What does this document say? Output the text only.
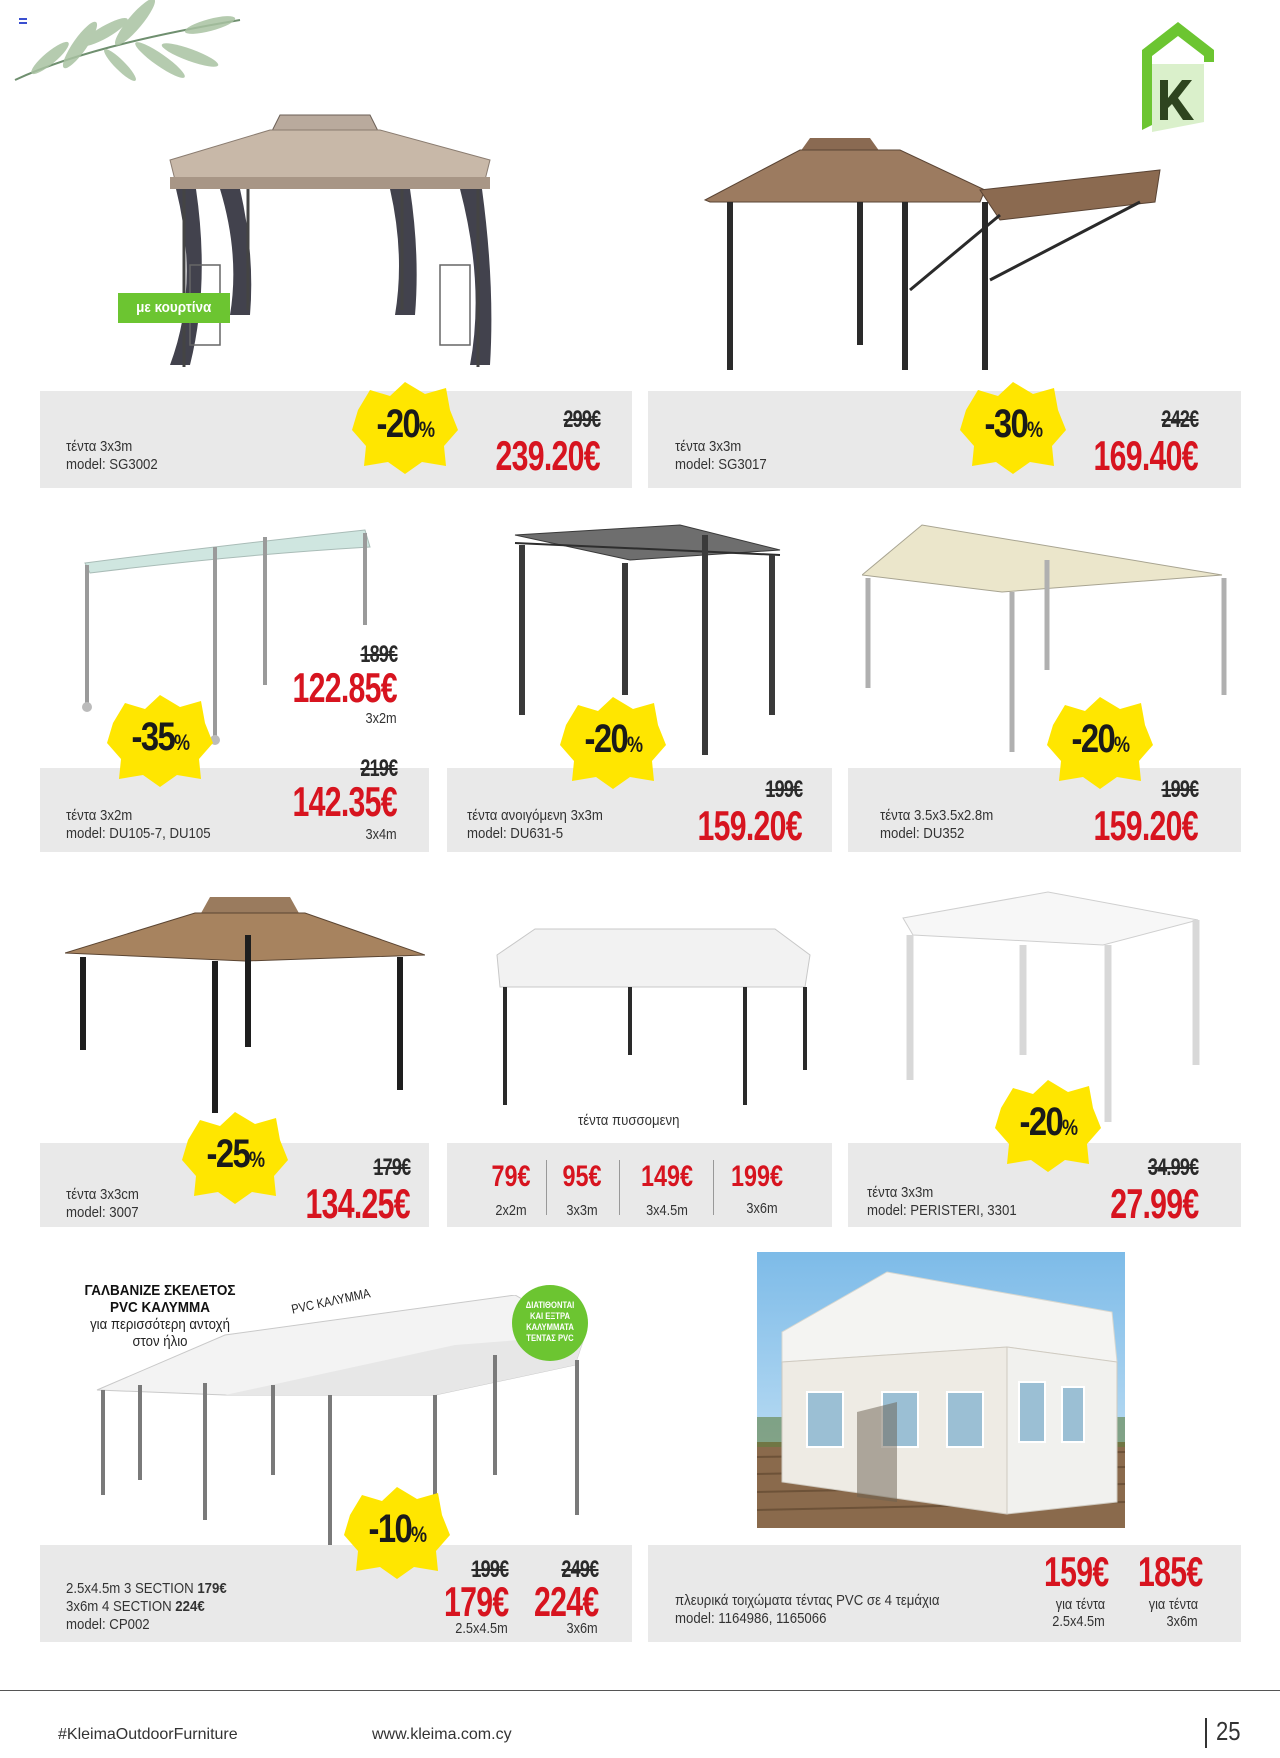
με κουρτίνα
τέντα 3x3m
model: SG3002
-20%	299€
239.20€	τέντα 3x3m
model: SG3017
-30%	242€
169.40€
189€
122.85€
3x2m
-35%
219€
142.35€
3x4m
τέντα 3x2m
model: DU105-7, DU105
-20%
τέντα ανοιγόμενη 3x3m
model: DU631-5
199€
159.20€
-20%
τέντα 3.5x3.5x2.8m
model: DU352
199€
159.20€
τέντα πυσσομενη
-25%
τέντα 3x3cm
model: 3007
179€
134.25€
79€
2x2m
95€
3x3m
149€
3x4.5m
199€
3x6m
-20%
τέντα 3x3m
model: PERISTERI, 3301
34.99€
27.99€
ΓΑΛΒΑΝΙΖΕ ΣΚΕΛΕΤΟΣ
PVC ΚΑΛΥΜΜΑ
για περισσότερη αντοχή
στον ήλιο
PVC ΚΑΛΥΜΜΑ	ΔΙΑΤΙΘΟΝΤΑΙ
ΚΑΙ ΕΞΤΡΑ
ΚΑΛΥΜΜΑΤΑ
ΤΕΝΤΑΣ PVC
-10%
2.5x4.5m 3 SECTION 179€
3x6m 4 SECTION 224€
model: CP002
199€
179€
2.5x4.5m
249€
224€
3x6m
πλευρικά τοιχώματα τέντας PVC σε 4 τεμάχια
model: 1164986, 1165066
159€
για τέντα
2.5x4.5m
185€
για τέντα
3x6m
#KleimaOutdoorFurniture	www.kleima.com.cy	25
